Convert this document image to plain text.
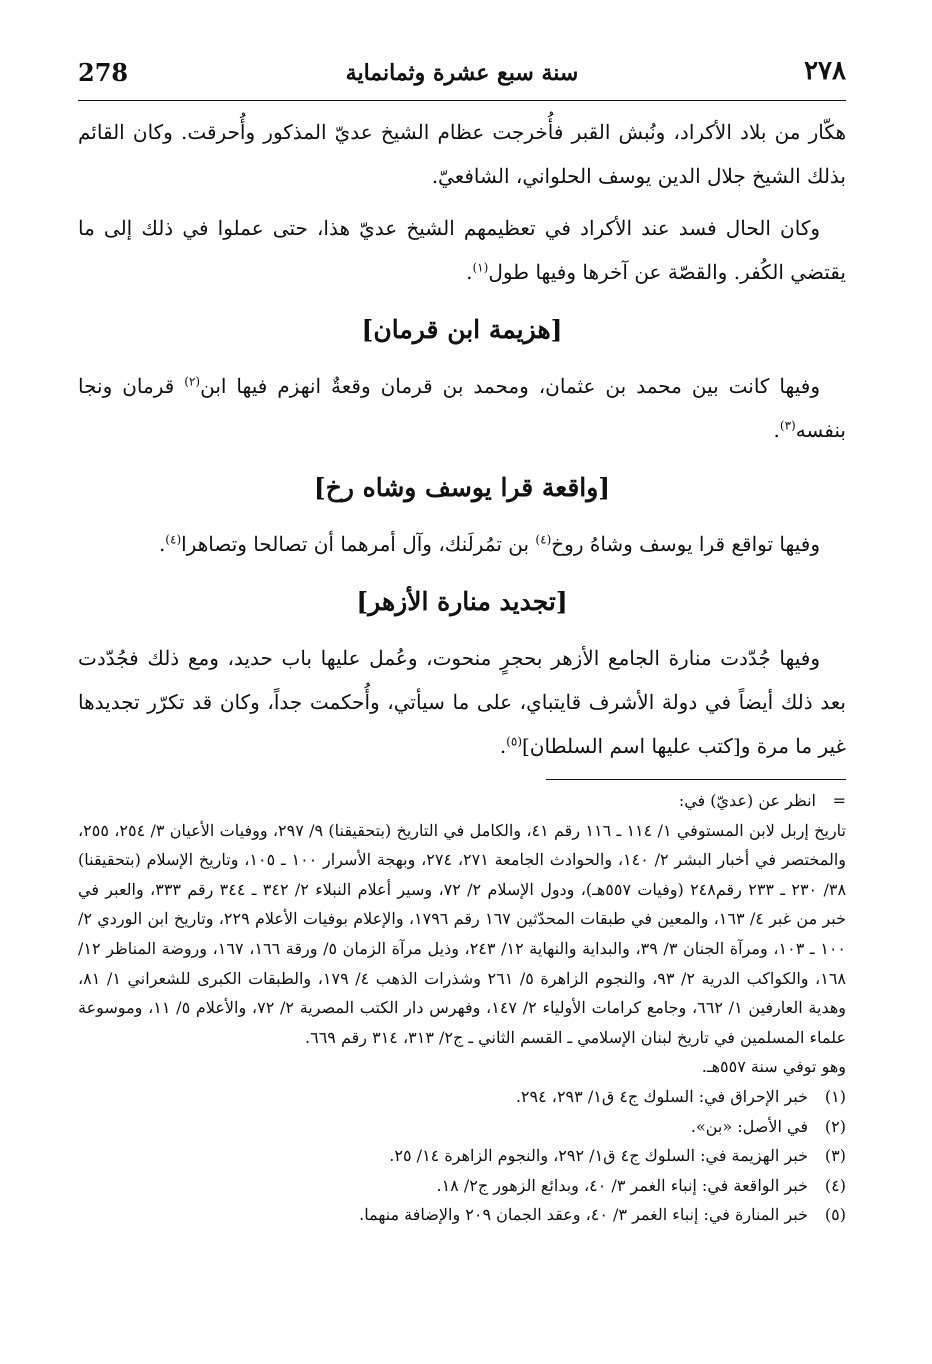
278	سنة سبع عشرة وثمانماية	٢٧٨

هكّار من بلاد الأكراد، ونُبش القبر فأُخرجت عظام الشيخ عديّ المذكور وأُحرقت. وكان القائم بذلك الشيخ جلال الدين يوسف الحلواني، الشافعيّ.

وكان الحال فسد عند الأكراد في تعظيمهم الشيخ عديّ هذا، حتى عملوا في ذلك إلى ما يقتضي الكُفر. والقصّة عن آخرها وفيها طول$^{(١)}$.

[هزيمة ابن قرمان]

وفيها كانت بين محمد بن عثمان، ومحمد بن قرمان وقعةٌ انهزم فيها ابن$^{(٢)}$ قرمان ونجا بنفسه$^{(٣)}$.

[واقعة قرا يوسف وشاه رخ]

وفيها تواقع قرا يوسف وشاهُ روخ$^{(٤)}$ بن تمُرلَنك، وآل أمرهما أن تصالحا وتصاهرا$^{(٤)}$.

[تجديد منارة الأزهر]

وفيها جُدّدت منارة الجامع الأزهر بحجرٍ منحوت، وعُمل عليها باب حديد، ومع ذلك فجُدّدت بعد ذلك أيضاً في دولة الأشرف قايتباي، على ما سيأتي، وأُحكمت جداً، وكان قد تكرّر تجديدها غير ما مرة و[كتب عليها اسم السلطان]$^{(٥)}$.

=

انظر عن (عديّ) في:

تاريخ إربل لابن المستوفي ١/ ١١٤ ـ ١١٦ رقم ٤١، والكامل في التاريخ (بتحقيقنا) ٩/ ٢٩٧، ووفيات الأعيان ٣/ ٢٥٤، ٢٥٥، والمختصر في أخبار البشر ٢/ ١٤٠، والحوادث الجامعة ٢٧١، ٢٧٤، وبهجة الأسرار ١٠٠ ـ ١٠٥، وتاريخ الإسلام (بتحقيقنا) ٣٨/ ٢٣٠ ـ ٢٣٣ رقم٢٤٨ (وفيات ٥٥٧هـ)، ودول الإسلام ٢/ ٧٢، وسير أعلام النبلاء ٢/ ٣٤٢ ـ ٣٤٤ رقم ٣٣٣، والعبر في خبر من غبر ٤/ ١٦٣، والمعين في طبقات المحدّثين ١٦٧ رقم ١٧٩٦، والإعلام بوفيات الأعلام ٢٢٩، وتاريخ ابن الوردي ٢/ ١٠٠ ـ ١٠٣، ومرآة الجنان ٣/ ٣٩، والبداية والنهاية ١٢/ ٢٤٣، وذيل مرآة الزمان ٥/ ورقة ١٦٦، ١٦٧، وروضة المناظر ١٢/ ١٦٨، والكواكب الدرية ٢/ ٩٣، والنجوم الزاهرة ٥/ ٢٦١ وشذرات الذهب ٤/ ١٧٩، والطبقات الكبرى للشعراني ١/ ٨١، وهدية العارفين ١/ ٦٦٢، وجامع كرامات الأولياء ٢/ ١٤٧، وفهرس دار الكتب المصرية ٢/ ٧٢، والأعلام ٥/ ١١، وموسوعة علماء المسلمين في تاريخ لبنان الإسلامي ـ القسم الثاني ـ ج٢/ ٣١٣، ٣١٤ رقم ٦٦٩.

وهو توفي سنة ٥٥٧هـ.

(١)
خبر الإحراق في: السلوك ج٤ ق١/ ٢٩٣، ٢٩٤.
(٢)
في الأصل: «بن».
(٣)
خبر الهزيمة في: السلوك ج٤ ق١/ ٢٩٢، والنجوم الزاهرة ١٤/ ٢٥.
(٤)
خبر الواقعة في: إنباء الغمر ٣/ ٤٠، وبدائع الزهور ج٢/ ١٨.
(٥)
خبر المنارة في: إنباء الغمر ٣/ ٤٠، وعقد الجمان ٢٠٩ والإضافة منهما.
